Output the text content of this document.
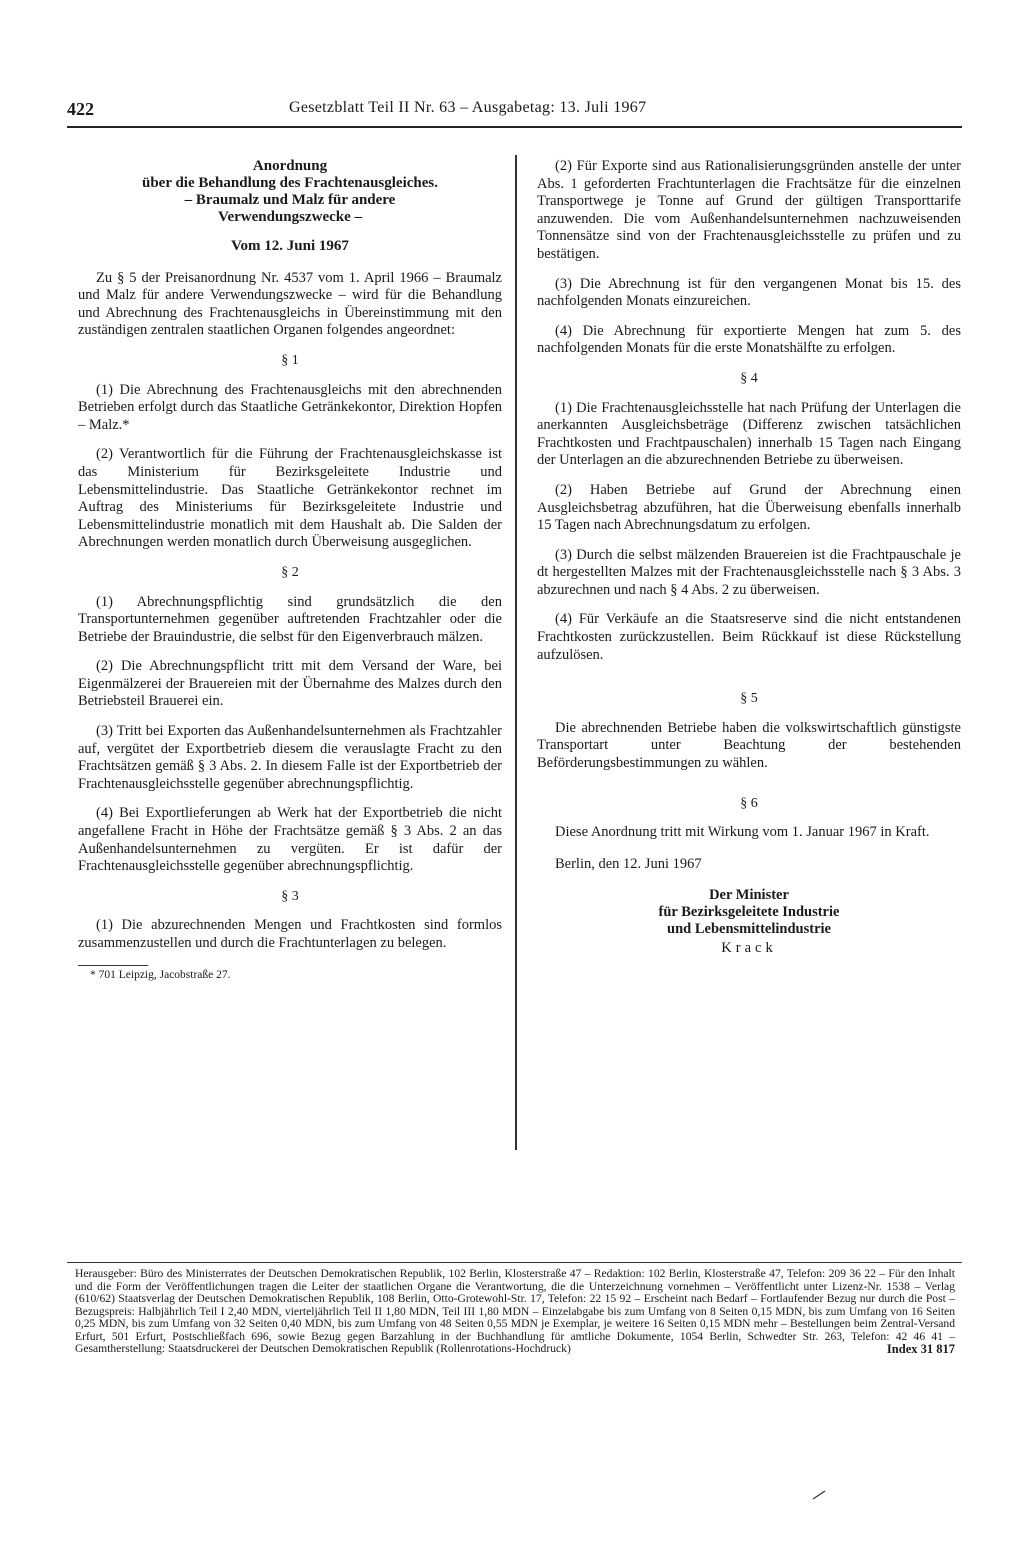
422	Gesetzblatt Teil II Nr. 63 – Ausgabetag: 13. Juli 1967

Anordnung

über die Behandlung des Frachtenausgleiches.

– Braumalz und Malz für andere

Verwendungszwecke –

Vom 12. Juni 1967

Zu § 5 der Preisanordnung Nr. 4537 vom 1. April 1966 – Braumalz und Malz für andere Verwendungszwecke – wird für die Behandlung und Abrechnung des Frachtenausgleichs in Übereinstimmung mit den zuständigen zentralen staatlichen Organen folgendes angeordnet:

§ 1

(1) Die Abrechnung des Frachtenausgleichs mit den abrechnenden Betrieben erfolgt durch das Staatliche Getränkekontor, Direktion Hopfen – Malz.*

(2) Verantwortlich für die Führung der Frachtenausgleichskasse ist das Ministerium für Bezirksgeleitete Industrie und Lebensmittelindustrie. Das Staatliche Getränkekontor rechnet im Auftrag des Ministeriums für Bezirksgeleitete Industrie und Lebensmittelindustrie monatlich mit dem Haushalt ab. Die Salden der Abrechnungen werden monatlich durch Überweisung ausgeglichen.

§ 2

(1) Abrechnungspflichtig sind grundsätzlich die den Transportunternehmen gegenüber auftretenden Frachtzahler oder die Betriebe der Brauindustrie, die selbst für den Eigenverbrauch mälzen.

(2) Die Abrechnungspflicht tritt mit dem Versand der Ware, bei Eigenmälzerei der Brauereien mit der Übernahme des Malzes durch den Betriebsteil Brauerei ein.

(3) Tritt bei Exporten das Außenhandelsunternehmen als Frachtzahler auf, vergütet der Exportbetrieb diesem die verauslagte Fracht zu den Frachtsätzen gemäß § 3 Abs. 2. In diesem Falle ist der Exportbetrieb der Frachtenausgleichsstelle gegenüber abrechnungspflichtig.

(4) Bei Exportlieferungen ab Werk hat der Exportbetrieb die nicht angefallene Fracht in Höhe der Frachtsätze gemäß § 3 Abs. 2 an das Außenhandelsunternehmen zu vergüten. Er ist dafür der Frachtenausgleichsstelle gegenüber abrechnungspflichtig.

§ 3

(1) Die abzurechnenden Mengen und Frachtkosten sind formlos zusammenzustellen und durch die Frachtunterlagen zu belegen.

* 701 Leipzig, Jacobstraße 27.

(2) Für Exporte sind aus Rationalisierungsgründen anstelle der unter Abs. 1 geforderten Frachtunterlagen die Frachtsätze für die einzelnen Transportwege je Tonne auf Grund der gültigen Transporttarife anzuwenden. Die vom Außenhandelsunternehmen nachzuweisenden Tonnensätze sind von der Frachtenausgleichsstelle zu prüfen und zu bestätigen.

(3) Die Abrechnung ist für den vergangenen Monat bis 15. des nachfolgenden Monats einzureichen.

(4) Die Abrechnung für exportierte Mengen hat zum 5. des nachfolgenden Monats für die erste Monatshälfte zu erfolgen.

§ 4

(1) Die Frachtenausgleichsstelle hat nach Prüfung der Unterlagen die anerkannten Ausgleichsbeträge (Differenz zwischen tatsächlichen Frachtkosten und Frachtpauschalen) innerhalb 15 Tagen nach Eingang der Unterlagen an die abzurechnenden Betriebe zu überweisen.

(2) Haben Betriebe auf Grund der Abrechnung einen Ausgleichsbetrag abzuführen, hat die Überweisung ebenfalls innerhalb 15 Tagen nach Abrechnungsdatum zu erfolgen.

(3) Durch die selbst mälzenden Brauereien ist die Frachtpauschale je dt hergestellten Malzes mit der Frachtenausgleichsstelle nach § 3 Abs. 3 abzurechnen und nach § 4 Abs. 2 zu überweisen.

(4) Für Verkäufe an die Staatsreserve sind die nicht entstandenen Frachtkosten zurückzustellen. Beim Rückkauf ist diese Rückstellung aufzulösen.

§ 5

Die abrechnenden Betriebe haben die volkswirtschaftlich günstigste Transportart unter Beachtung der bestehenden Beförderungsbestimmungen zu wählen.

§ 6

Diese Anordnung tritt mit Wirkung vom 1. Januar 1967 in Kraft.

Berlin, den 12. Juni 1967

Der Minister

für Bezirksgeleitete Industrie

und Lebensmittelindustrie

Krack

Herausgeber: Büro des Ministerrates der Deutschen Demokratischen Republik, 102 Berlin, Klosterstraße 47 – Redaktion: 102 Berlin, Klosterstraße 47, Telefon: 209 36 22 – Für den Inhalt und die Form der Veröffentlichungen tragen die Leiter der staatlichen Organe die Verantwortung, die die Unterzeichnung vornehmen – Veröffentlicht unter Lizenz-Nr. 1538 – Verlag (610/62) Staatsverlag der Deutschen Demokratischen Republik, 108 Berlin, Otto-Grotewohl-Str. 17, Telefon: 22 15 92 – Erscheint nach Bedarf – Fortlaufender Bezug nur durch die Post – Bezugspreis: Halbjährlich Teil I 2,40 MDN, vierteljährlich Teil II 1,80 MDN, Teil III 1,80 MDN – Einzelabgabe bis zum Umfang von 8 Seiten 0,15 MDN, bis zum Umfang von 16 Seiten 0,25 MDN, bis zum Umfang von 32 Seiten 0,40 MDN, bis zum Umfang von 48 Seiten 0,55 MDN je Exemplar, je weitere 16 Seiten 0,15 MDN mehr – Bestellungen beim Zentral-Versand Erfurt, 501 Erfurt, Postschließfach 696, sowie Bezug gegen Barzahlung in der Buchhandlung für amtliche Dokumente, 1054 Berlin, Schwedter Str. 263, Telefon: 42 46 41 – Gesamtherstellung: Staatsdruckerei der Deutschen Demokratischen Republik (Rollenrotations-Hochdruck)	Index 31 817
